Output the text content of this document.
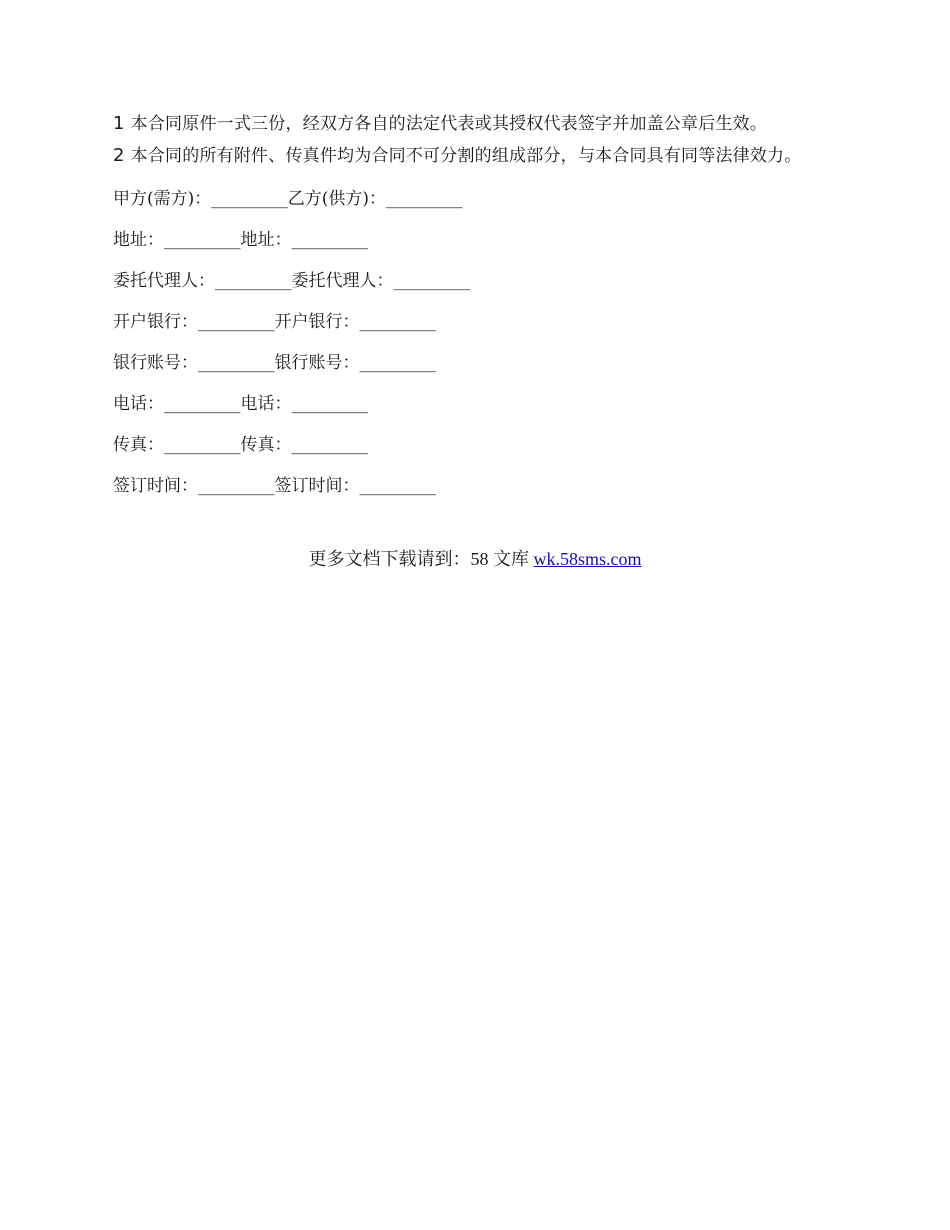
1 本合同原件一式三份，经双方各自的法定代表或其授权代表签字并加盖公章后生效。

2 本合同的所有附件、传真件均为合同不可分割的组成部分，与本合同具有同等法律效力。

甲方(需方)：_________乙方(供方)：_________
地址：_________地址：_________
委托代理人：_________委托代理人：_________
开户银行：_________开户银行：_________
银行账号：_________银行账号：_________
电话：_________电话：_________
传真：_________传真：_________
签订时间：_________签订时间：_________
更多文档下载请到：58 文库 wk.58sms.com
